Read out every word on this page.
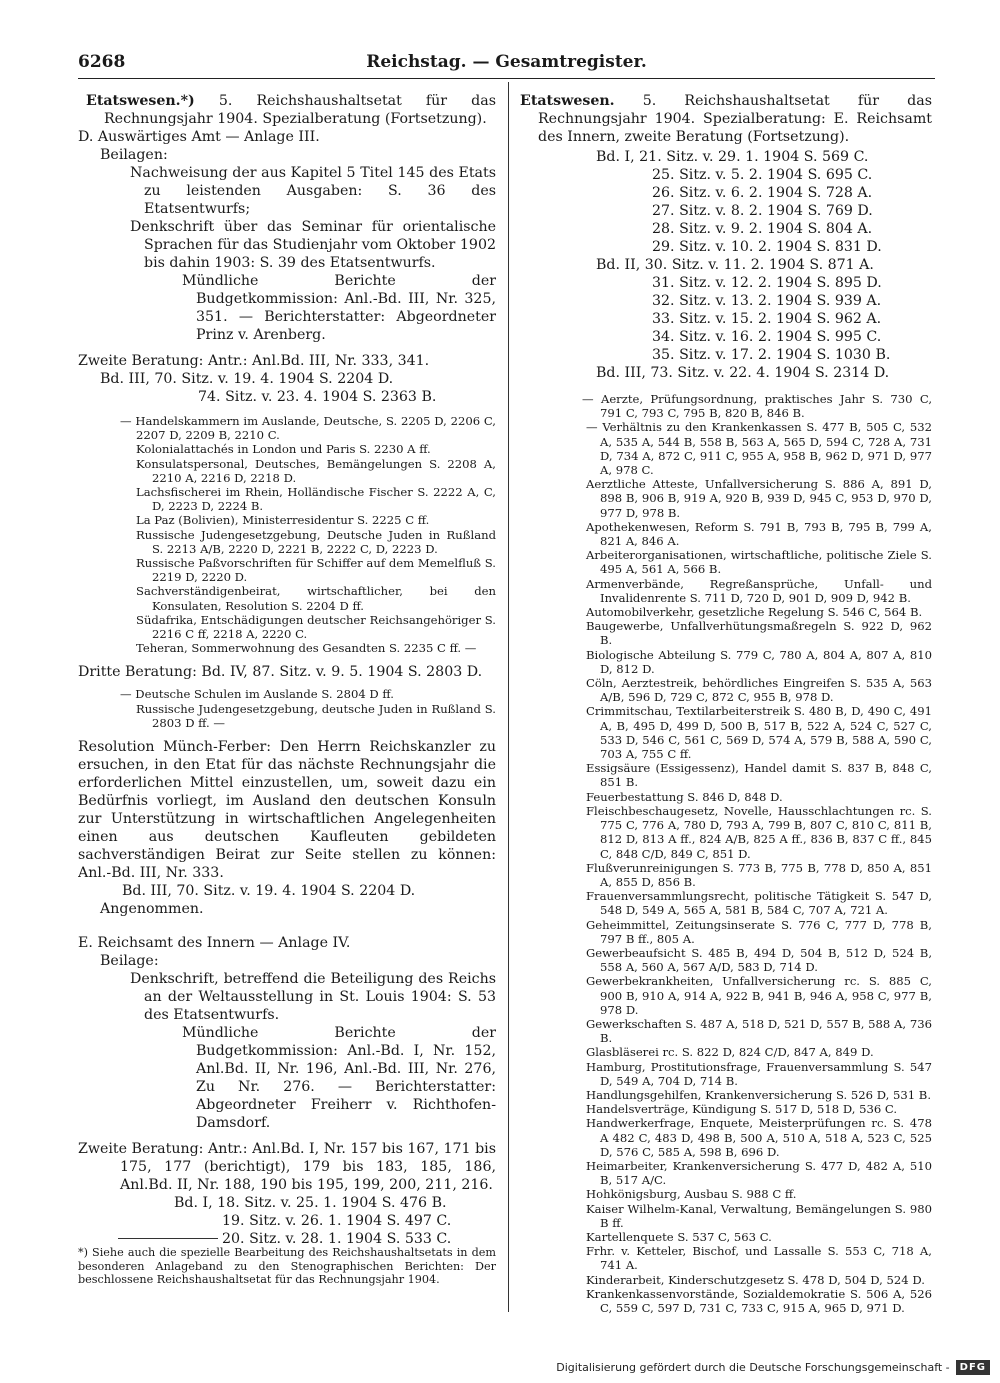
6268	Reichstag. — Gesamtregister.

Etatswesen.*) 5. Reichshaushaltsetat für das Rechnungsjahr 1904. Spezialberatung (Fortsetzung).

D. Auswärtiges Amt — Anlage III.

Beilagen:

Nachweisung der aus Kapitel 5 Titel 145 des Etats zu leistenden Ausgaben: S. 36 des Etatsentwurfs;

Denkschrift über das Seminar für orientalische Sprachen für das Studienjahr vom Oktober 1902 bis dahin 1903: S. 39 des Etatsentwurfs.

Mündliche Berichte der Budgetkommission: Anl.-Bd. III, Nr. 325, 351. — Berichterstatter: Abgeordneter Prinz v. Arenberg.

Zweite Beratung: Antr.: Anl.Bd. III, Nr. 333, 341.

Bd. III, 70. Sitz. v. 19. 4. 1904 S. 2204 D.

74. Sitz. v. 23. 4. 1904 S. 2363 B.

— Handelskammern im Auslande, Deutsche, S. 2205 D, 2206 C, 2207 D, 2209 B, 2210 C.

Kolonialattachés in London und Paris S. 2230 A ff.

Konsulatspersonal, Deutsches, Bemängelungen S. 2208 A, 2210 A, 2216 D, 2218 D.

Lachsfischerei im Rhein, Holländische Fischer S. 2222 A, C, D, 2223 D, 2224 B.

La Paz (Bolivien), Ministerresidentur S. 2225 C ff.

Russische Judengesetzgebung, Deutsche Juden in Rußland S. 2213 A/B, 2220 D, 2221 B, 2222 C, D, 2223 D.

Russische Paßvorschriften für Schiffer auf dem Memelfluß S. 2219 D, 2220 D.

Sachverständigenbeirat, wirtschaftlicher, bei den Konsulaten, Resolution S. 2204 D ff.

Südafrika, Entschädigungen deutscher Reichsangehöriger S. 2216 C ff, 2218 A, 2220 C.

Teheran, Sommerwohnung des Gesandten S. 2235 C ff. —

Dritte Beratung: Bd. IV, 87. Sitz. v. 9. 5. 1904 S. 2803 D.

— Deutsche Schulen im Auslande S. 2804 D ff.

Russische Judengesetzgebung, deutsche Juden in Rußland S. 2803 D ff. —

Resolution Münch-Ferber: Den Herrn Reichskanzler zu ersuchen, in den Etat für das nächste Rechnungsjahr die erforderlichen Mittel einzustellen, um, soweit dazu ein Bedürfnis vorliegt, im Ausland den deutschen Konsuln zur Unterstützung in wirtschaftlichen Angelegenheiten einen aus deutschen Kaufleuten gebildeten sachverständigen Beirat zur Seite stellen zu können: Anl.-Bd. III, Nr. 333.

Bd. III, 70. Sitz. v. 19. 4. 1904 S. 2204 D.

Angenommen.

E. Reichsamt des Innern — Anlage IV.

Beilage:

Denkschrift, betreffend die Beteiligung des Reichs an der Weltausstellung in St. Louis 1904: S. 53 des Etatsentwurfs.

Mündliche Berichte der Budgetkommission: Anl.-Bd. I, Nr. 152, Anl.Bd. II, Nr. 196, Anl.-Bd. III, Nr. 276, Zu Nr. 276. — Berichterstatter: Abgeordneter Freiherr v. Richthofen-Damsdorf.

Zweite Beratung: Antr.: Anl.Bd. I, Nr. 157 bis 167, 171 bis 175, 177 (berichtigt), 179 bis 183, 185, 186, Anl.Bd. II, Nr. 188, 190 bis 195, 199, 200, 211, 216.

Bd. I, 18. Sitz. v. 25. 1. 1904 S. 476 B.

19. Sitz. v. 26. 1. 1904 S. 497 C.

20. Sitz. v. 28. 1. 1904 S. 533 C.

*) Siehe auch die spezielle Bearbeitung des Reichshaushaltsetats in dem besonderen Anlageband zu den Stenographischen Berichten: Der beschlossene Reichshaushaltsetat für das Rechnungsjahr 1904.

Etatswesen. 5. Reichshaushaltsetat für das Rechnungsjahr 1904. Spezialberatung: E. Reichsamt des Innern, zweite Beratung (Fortsetzung).

Bd. I, 21. Sitz. v. 29. 1. 1904 S. 569 C.

25. Sitz. v. 5. 2. 1904 S. 695 C.

26. Sitz. v. 6. 2. 1904 S. 728 A.

27. Sitz. v. 8. 2. 1904 S. 769 D.

28. Sitz. v. 9. 2. 1904 S. 804 A.

29. Sitz. v. 10. 2. 1904 S. 831 D.

Bd. II, 30. Sitz. v. 11. 2. 1904 S. 871 A.

31. Sitz. v. 12. 2. 1904 S. 895 D.

32. Sitz. v. 13. 2. 1904 S. 939 A.

33. Sitz. v. 15. 2. 1904 S. 962 A.

34. Sitz. v. 16. 2. 1904 S. 995 C.

35. Sitz. v. 17. 2. 1904 S. 1030 B.

Bd. III, 73. Sitz. v. 22. 4. 1904 S. 2314 D.

— Aerzte, Prüfungsordnung, praktisches Jahr S. 730 C, 791 C, 793 C, 795 B, 820 B, 846 B.

— Verhältnis zu den Krankenkassen S. 477 B, 505 C, 532 A, 535 A, 544 B, 558 B, 563 A, 565 D, 594 C, 728 A, 731 D, 734 A, 872 C, 911 C, 955 A, 958 B, 962 D, 971 D, 977 A, 978 C.

Aerztliche Atteste, Unfallversicherung S. 886 A, 891 D, 898 B, 906 B, 919 A, 920 B, 939 D, 945 C, 953 D, 970 D, 977 D, 978 B.

Apothekenwesen, Reform S. 791 B, 793 B, 795 B, 799 A, 821 A, 846 A.

Arbeiterorganisationen, wirtschaftliche, politische Ziele S. 495 A, 561 A, 566 B.

Armenverbände, Regreßansprüche, Unfall- und Invalidenrente S. 711 D, 720 D, 901 D, 909 D, 942 B.

Automobilverkehr, gesetzliche Regelung S. 546 C, 564 B.

Baugewerbe, Unfallverhütungsmaßregeln S. 922 D, 962 B.

Biologische Abteilung S. 779 C, 780 A, 804 A, 807 A, 810 D, 812 D.

Cöln, Aerztestreik, behördliches Eingreifen S. 535 A, 563 A/B, 596 D, 729 C, 872 C, 955 B, 978 D.

Crimmitschau, Textilarbeiterstreik S. 480 B, D, 490 C, 491 A, B, 495 D, 499 D, 500 B, 517 B, 522 A, 524 C, 527 C, 533 D, 546 C, 561 C, 569 D, 574 A, 579 B, 588 A, 590 C, 703 A, 755 C ff.

Essigsäure (Essigessenz), Handel damit S. 837 B, 848 C, 851 B.

Feuerbestattung S. 846 D, 848 D.

Fleischbeschaugesetz, Novelle, Hausschlachtungen rc. S. 775 C, 776 A, 780 D, 793 A, 799 B, 807 C, 810 C, 811 B, 812 D, 813 A ff., 824 A/B, 825 A ff., 836 B, 837 C ff., 845 C, 848 C/D, 849 C, 851 D.

Flußverunreinigungen S. 773 B, 775 B, 778 D, 850 A, 851 A, 855 D, 856 B.

Frauenversammlungsrecht, politische Tätigkeit S. 547 D, 548 D, 549 A, 565 A, 581 B, 584 C, 707 A, 721 A.

Geheimmittel, Zeitungsinserate S. 776 C, 777 D, 778 B, 797 B ff., 805 A.

Gewerbeaufsicht S. 485 B, 494 D, 504 B, 512 D, 524 B, 558 A, 560 A, 567 A/D, 583 D, 714 D.

Gewerbekrankheiten, Unfallversicherung rc. S. 885 C, 900 B, 910 A, 914 A, 922 B, 941 B, 946 A, 958 C, 977 B, 978 D.

Gewerkschaften S. 487 A, 518 D, 521 D, 557 B, 588 A, 736 B.

Glasbläserei rc. S. 822 D, 824 C/D, 847 A, 849 D.

Hamburg, Prostitutionsfrage, Frauenversammlung S. 547 D, 549 A, 704 D, 714 B.

Handlungsgehilfen, Krankenversicherung S. 526 D, 531 B.

Handelsverträge, Kündigung S. 517 D, 518 D, 536 C.

Handwerkerfrage, Enquete, Meisterprüfungen rc. S. 478 A 482 C, 483 D, 498 B, 500 A, 510 A, 518 A, 523 C, 525 D, 576 C, 585 A, 598 B, 696 D.

Heimarbeiter, Krankenversicherung S. 477 D, 482 A, 510 B, 517 A/C.

Hohkönigsburg, Ausbau S. 988 C ff.

Kaiser Wilhelm-Kanal, Verwaltung, Bemängelungen S. 980 B ff.

Kartellenquete S. 537 C, 563 C.

Frhr. v. Ketteler, Bischof, und Lassalle S. 553 C, 718 A, 741 A.

Kinderarbeit, Kinderschutzgesetz S. 478 D, 504 D, 524 D.

Krankenkassenvorstände, Sozialdemokratie S. 506 A, 526 C, 559 C, 597 D, 731 C, 733 C, 915 A, 965 D, 971 D.

Digitalisierung gefördert durch die Deutsche Forschungsgemeinschaft -	DFG
